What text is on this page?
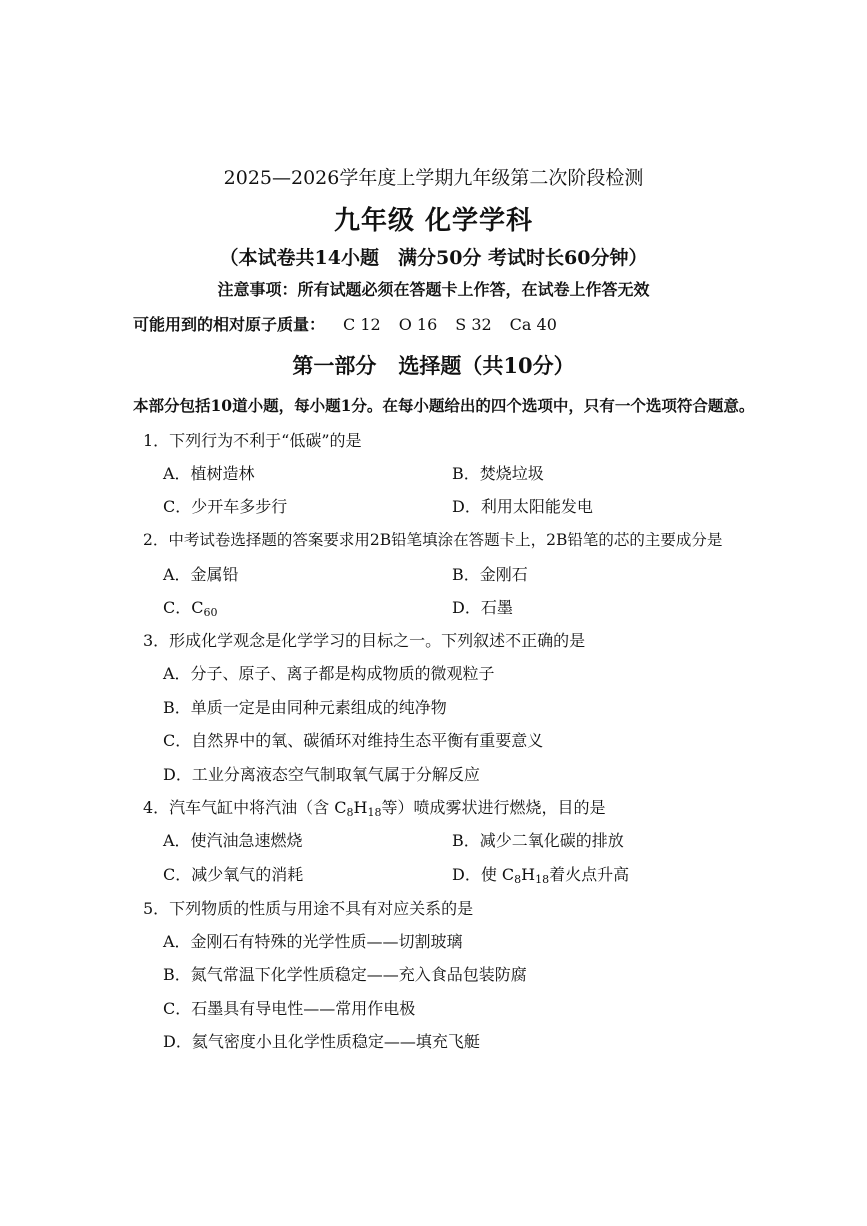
2025—2026学年度上学期九年级第二次阶段检测
九年级 化学学科
（本试卷共14小题　满分50分 考试时长60分钟）
注意事项：所有试题必须在答题卡上作答，在试卷上作答无效
可能用到的相对原子质量： C 12 O 16 S 32 Ca 40
第一部分 选择题（共10分）
本部分包括10道小题，每小题1分。在每小题给出的四个选项中，只有一个选项符合题意。
1．下列行为不利于“低碳”的是
A．植树造林	B．焚烧垃圾
C．少开车多步行	D．利用太阳能发电
2．中考试卷选择题的答案要求用2B铅笔填涂在答题卡上，2B铅笔的芯的主要成分是
A．金属铅	B．金刚石
C．$C_{60}$	D．石墨
3．形成化学观念是化学学习的目标之一。下列叙述不正确的是
A．分子、原子、离子都是构成物质的微观粒子
B．单质一定是由同种元素组成的纯净物
C．自然界中的氧、碳循环对维持生态平衡有重要意义
D．工业分离液态空气制取氧气属于分解反应
4．汽车气缸中将汽油（含 $C_8H_{18}$等）喷成雾状进行燃烧，目的是
A．使汽油急速燃烧	B．减少二氧化碳的排放
C．减少氧气的消耗	D．使 $C_8H_{18}$着火点升高
5．下列物质的性质与用途不具有对应关系的是
A．金刚石有特殊的光学性质——切割玻璃
B．氮气常温下化学性质稳定——充入食品包装防腐
C．石墨具有导电性——常用作电极
D．氦气密度小且化学性质稳定——填充飞艇
